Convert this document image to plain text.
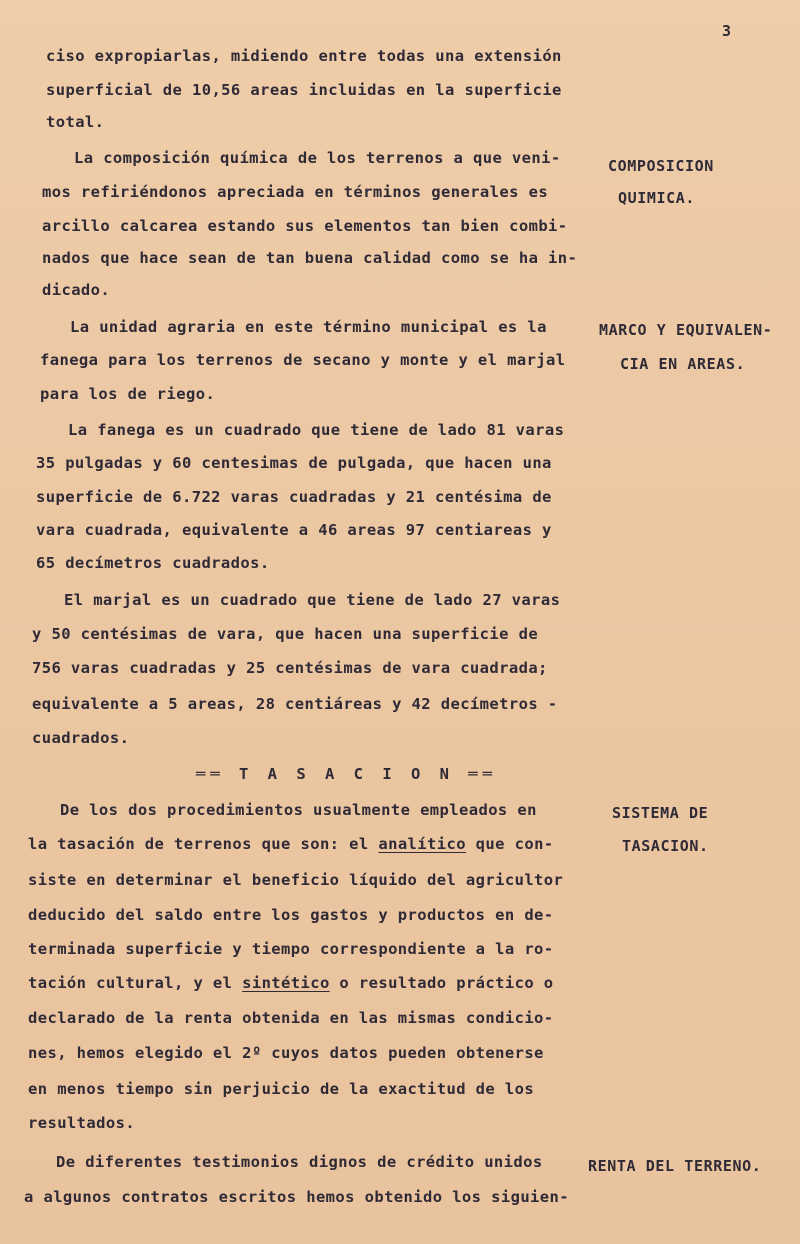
3
ciso expropiarlas, midiendo entre todas una extensión
superficial de 10,56 areas incluidas en la superficie
total.
La composición química de los terrenos a que veni-
mos refiriéndonos apreciada en términos generales es
arcillo calcarea estando sus elementos tan bien combi-
nados que hace sean de tan buena calidad como se ha in-
dicado.
La unidad agraria en este término municipal es la
fanega para los terrenos de secano y monte y el marjal
para los de riego.
La fanega es un cuadrado que tiene de lado 81 varas
35 pulgadas y 60 centesimas de pulgada, que hacen una
superficie de 6.722 varas cuadradas y 21 centésima de
vara cuadrada, equivalente a 46 areas 97 centiareas y
65 decímetros cuadrados.
El marjal es un cuadrado que tiene de lado 27 varas
y 50 centésimas de vara, que hacen una superficie de
756 varas cuadradas y 25 centésimas de vara cuadrada;
equivalente a 5 areas, 28 centiáreas y 42 decímetros -
cuadrados.
══ T A S A C I O N ══
De los dos procedimientos usualmente empleados en
la tasación de terrenos que son: el analítico que con-
siste en determinar el beneficio líquido del agricultor
deducido del saldo entre los gastos y productos en de-
terminada superficie y tiempo correspondiente a la ro-
tación cultural, y el sintético o resultado práctico o
declarado de la renta obtenida en las mismas condicio-
nes, hemos elegido el 2º cuyos datos pueden obtenerse
en menos tiempo sin perjuicio de la exactitud de los
resultados.
De diferentes testimonios dignos de crédito unidos
a algunos contratos escritos hemos obtenido los siguien-
COMPOSICION
QUIMICA.
MARCO Y EQUIVALEN-
CIA EN AREAS.
SISTEMA DE
TASACION.
RENTA DEL TERRENO.
